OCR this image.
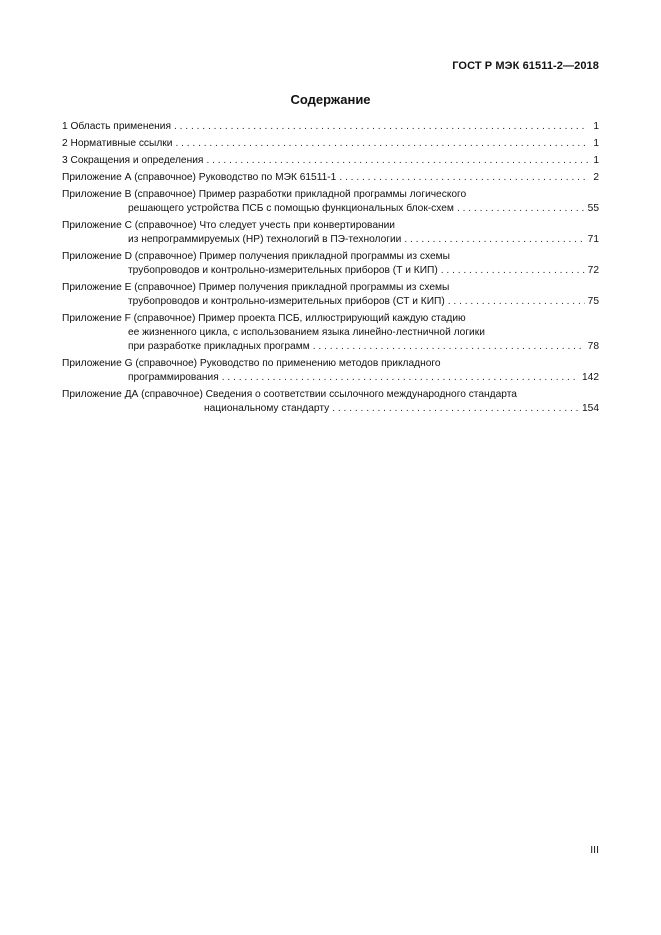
ГОСТ Р МЭК 61511-2—2018
Содержание
1 Область применения . . .	1
2 Нормативные ссылки . . .	1
3 Сокращения и определения . . .	1
Приложение А (справочное) Руководство по МЭК 61511-1 . . .	2
Приложение В (справочное) Пример разработки прикладной программы логического
решающего устройства ПСБ с помощью функциональных блок-схем . . .	55
Приложение С (справочное) Что следует учесть при конвертировании
из непрограммируемых (НР) технологий в ПЭ-технологии . . .	71
Приложение D (справочное) Пример получения прикладной программы из схемы
трубопроводов и контрольно-измерительных приборов (Т и КИП) . . .	72
Приложение Е (справочное) Пример получения прикладной программы из схемы
трубопроводов и контрольно-измерительных приборов (СТ и КИП) . . .	75
Приложение F (справочное) Пример проекта ПСБ, иллюстрирующий каждую стадию
ее жизненного цикла, с использованием языка линейно-лестничной логики
при разработке прикладных программ . . .	78
Приложение G (справочное) Руководство по применению методов прикладного
программирования . . .	142
Приложение ДА (справочное) Сведения о соответствии ссылочного международного стандарта
национальному стандарту . . .	154
III
